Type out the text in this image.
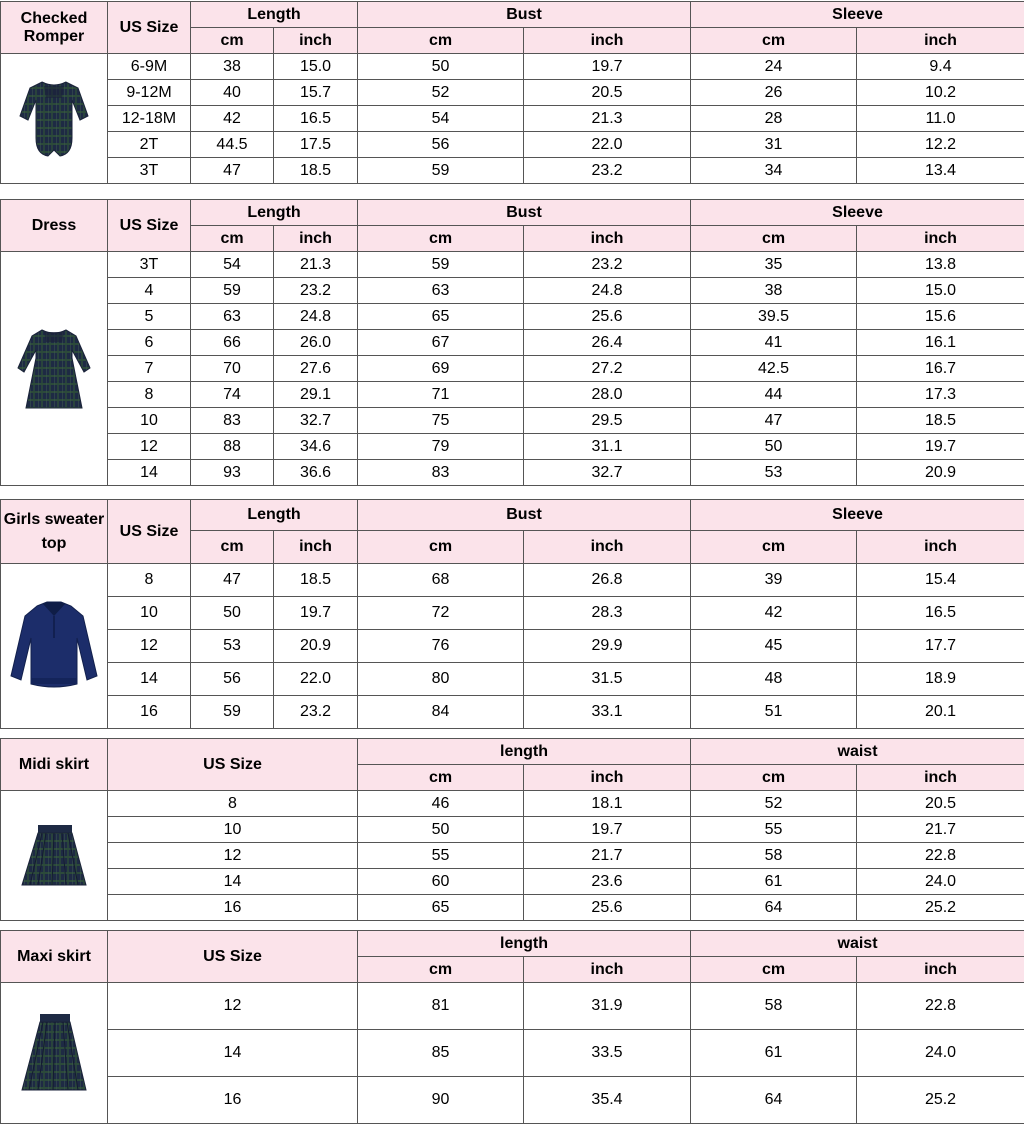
Checked Romper	US Size	Length		Bust		Sleeve	
		cm	inch	cm	inch	cm	inch

	6-9M	38	15.0	50	19.7	24	9.4
	9-12M	40	15.7	52	20.5	26	10.2
	12-18M	42	16.5	54	21.3	28	11.0
	2T	44.5	17.5	56	22.0	31	12.2
	3T	47	18.5	59	23.2	34	13.4
Dress	US Size	Length		Bust		Sleeve	
		cm	inch	cm	inch	cm	inch

	3T	54	21.3	59	23.2	35	13.8
	4	59	23.2	63	24.8	38	15.0
	5	63	24.8	65	25.6	39.5	15.6
	6	66	26.0	67	26.4	41	16.1
	7	70	27.6	69	27.2	42.5	16.7
	8	74	29.1	71	28.0	44	17.3
	10	83	32.7	75	29.5	47	18.5
	12	88	34.6	79	31.1	50	19.7
	14	93	36.6	83	32.7	53	20.9
Girls sweater top	US Size	Length		Bust		Sleeve	
		cm	inch	cm	inch	cm	inch

	8	47	18.5	68	26.8	39	15.4
	10	50	19.7	72	28.3	42	16.5
	12	53	20.9	76	29.9	45	17.7
	14	56	22.0	80	31.5	48	18.9
	16	59	23.2	84	33.1	51	20.1
Midi skirt	US Size	length		waist	
		cm	inch	cm	inch

	8	46	18.1	52	20.5
	10	50	19.7	55	21.7
	12	55	21.7	58	22.8
	14	60	23.6	61	24.0
	16	65	25.6	64	25.2
Maxi skirt	US Size	length		waist	
		cm	inch	cm	inch

	12	81	31.9	58	22.8
	14	85	33.5	61	24.0
	16	90	35.4	64	25.2
